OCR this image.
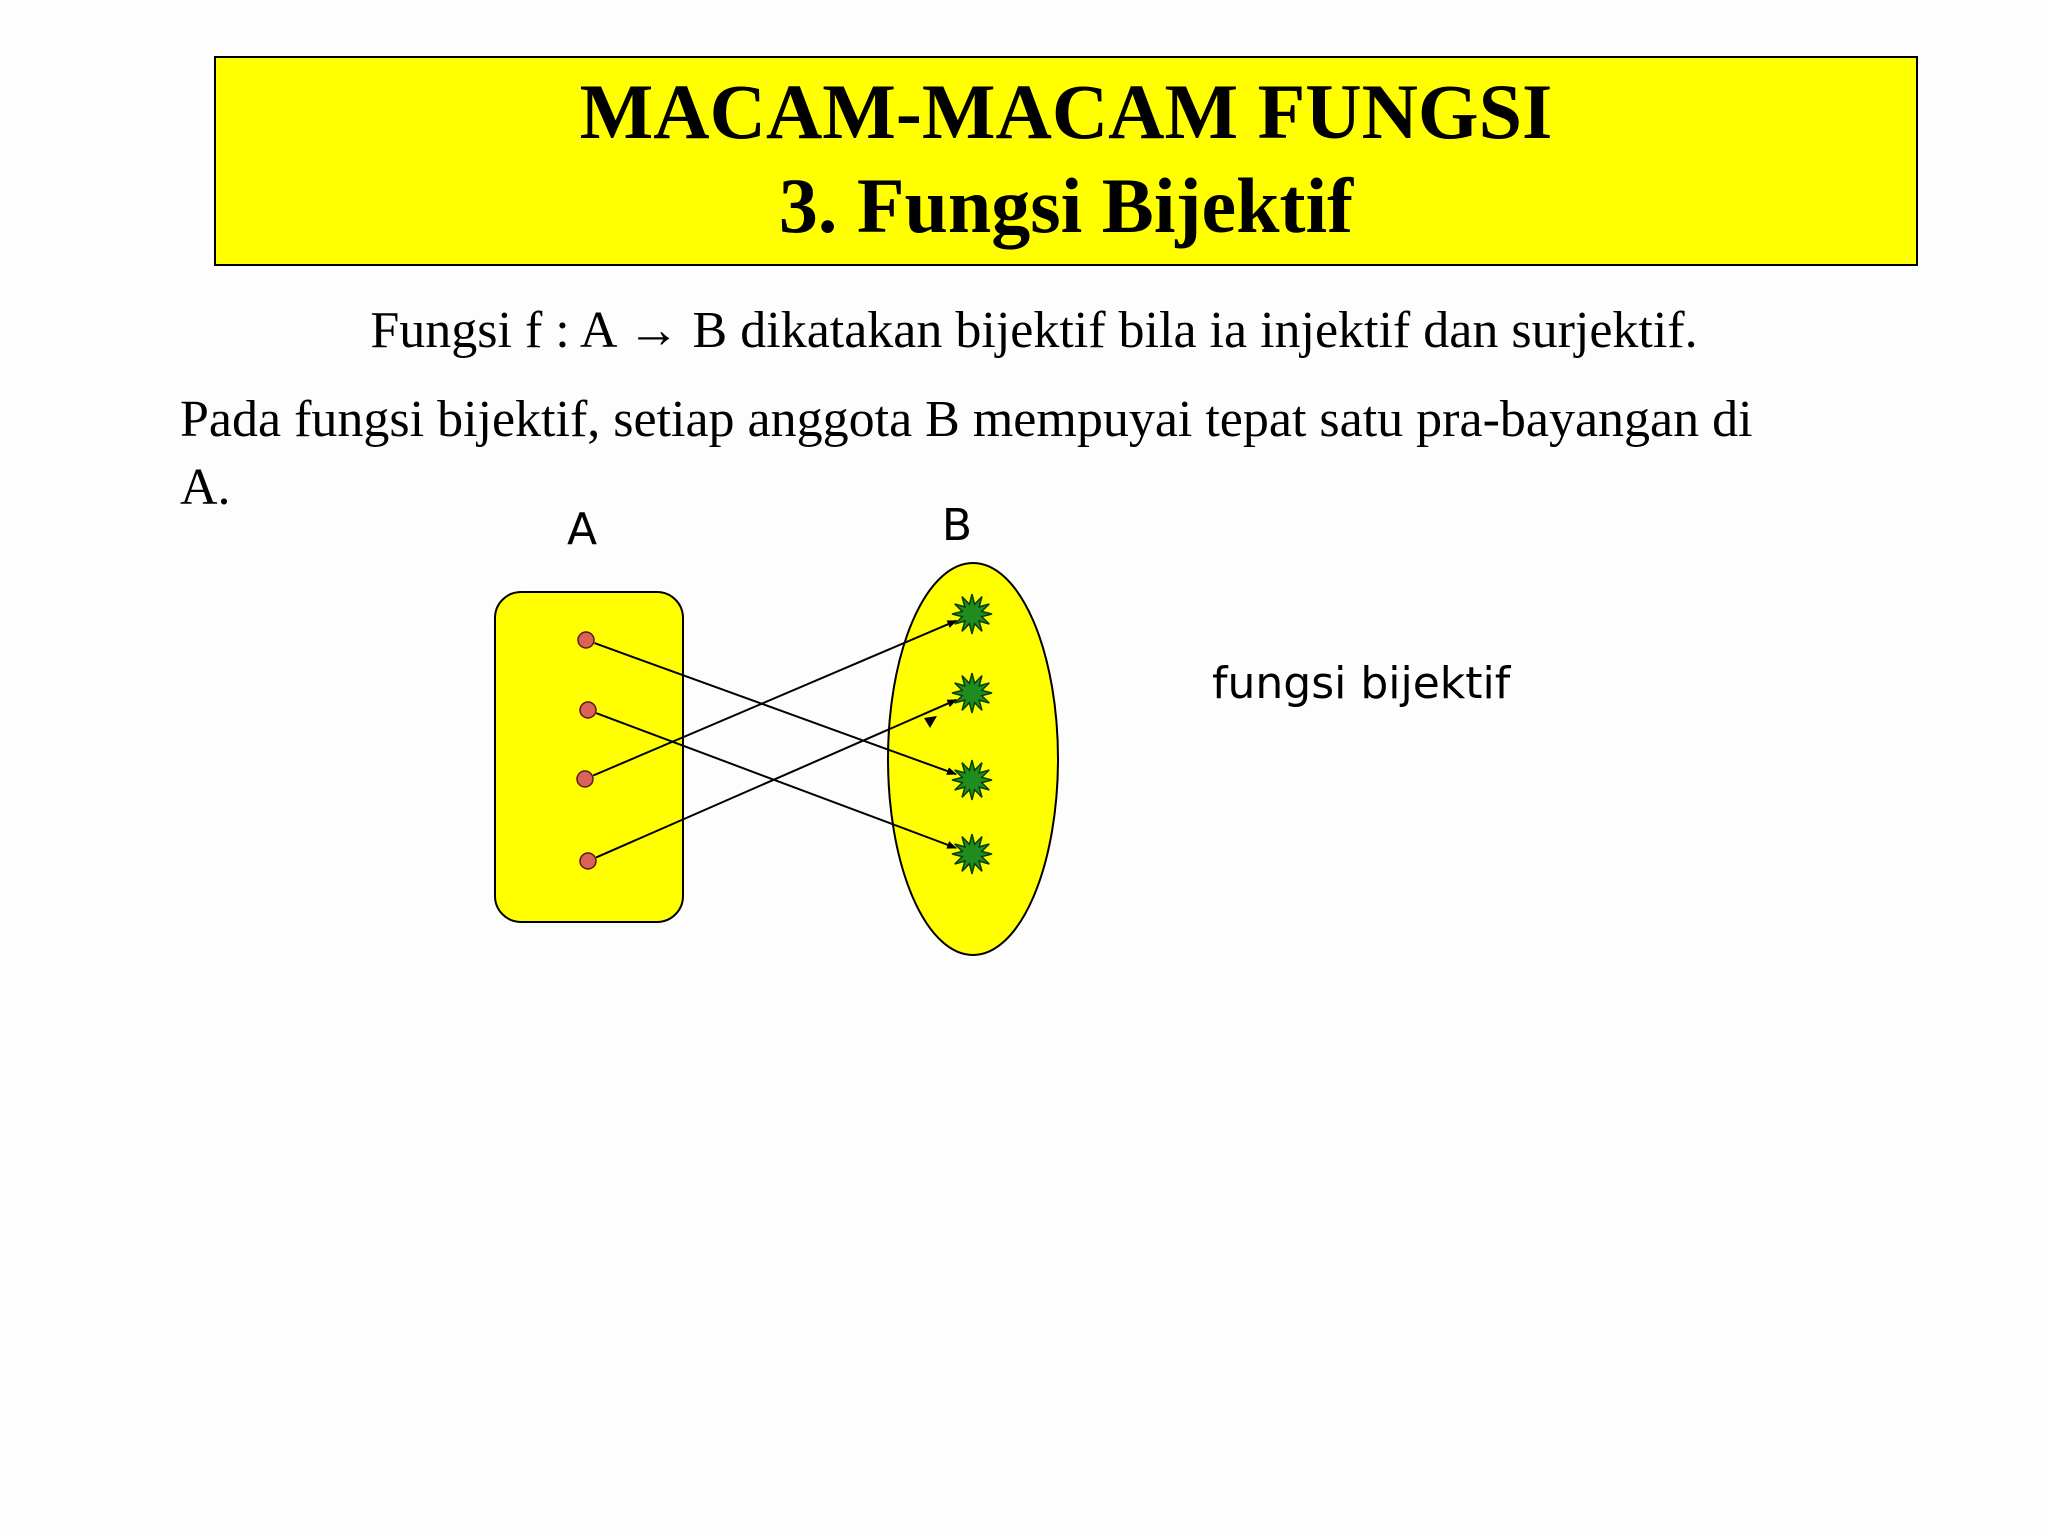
MACAM-MACAM FUNGSI
3. Fungsi Bijektif
Fungsi f : A → B dikatakan bijektif bila ia injektif dan surjektif.
Pada fungsi bijektif, setiap anggota B mempuyai tepat satu pra-bayangan di
A.
A	B
fungsi bijektif
